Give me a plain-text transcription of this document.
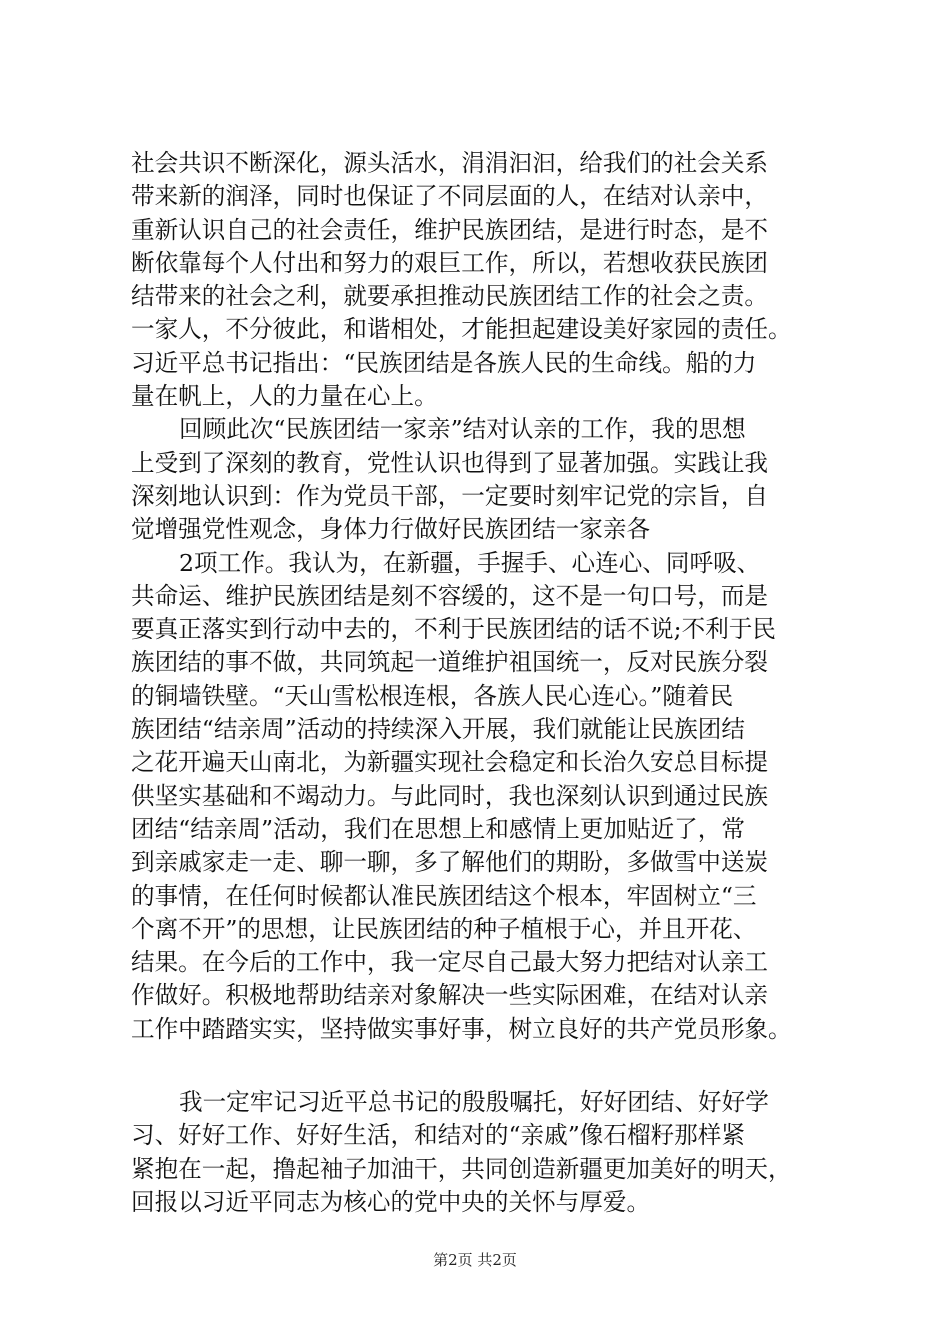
社会共识不断深化，源头活水，涓涓汩汩，给我们的社会关系
带来新的润泽，同时也保证了不同层面的人，在结对认亲中，
重新认识自己的社会责任，维护民族团结，是进行时态，是不
断依靠每个人付出和努力的艰巨工作，所以，若想收获民族团
结带来的社会之利，就要承担推动民族团结工作的社会之责。
一家人，不分彼此，和谐相处，才能担起建设美好家园的责任。
习近平总书记指出：“民族团结是各族人民的生命线。船的力
量在帆上，人的力量在心上。
回顾此次“民族团结一家亲”结对认亲的工作，我的思想
上受到了深刻的教育，党性认识也得到了显著加强。实践让我
深刻地认识到：作为党员干部，一定要时刻牢记党的宗旨，自
觉增强党性观念，身体力行做好民族团结一家亲各
2项工作。我认为，在新疆，手握手、心连心、同呼吸、
共命运、维护民族团结是刻不容缓的，这不是一句口号，而是
要真正落实到行动中去的，不利于民族团结的话不说;不利于民
族团结的事不做，共同筑起一道维护祖国统一，反对民族分裂
的铜墙铁壁。“天山雪松根连根，各族人民心连心。”随着民
族团结“结亲周”活动的持续深入开展，我们就能让民族团结
之花开遍天山南北，为新疆实现社会稳定和长治久安总目标提
供坚实基础和不竭动力。与此同时，我也深刻认识到通过民族
团结“结亲周”活动，我们在思想上和感情上更加贴近了，常
到亲戚家走一走、聊一聊，多了解他们的期盼，多做雪中送炭
的事情，在任何时候都认准民族团结这个根本，牢固树立“三
个离不开”的思想，让民族团结的种子植根于心，并且开花、
结果。在今后的工作中，我一定尽自己最大努力把结对认亲工
作做好。积极地帮助结亲对象解决一些实际困难，在结对认亲
工作中踏踏实实，坚持做实事好事，树立良好的共产党员形象。
我一定牢记习近平总书记的殷殷嘱托，好好团结、好好学
习、好好工作、好好生活，和结对的“亲戚”像石榴籽那样紧
紧抱在一起，撸起袖子加油干，共同创造新疆更加美好的明天，
回报以习近平同志为核心的党中央的关怀与厚爱。
第2页 共2页
